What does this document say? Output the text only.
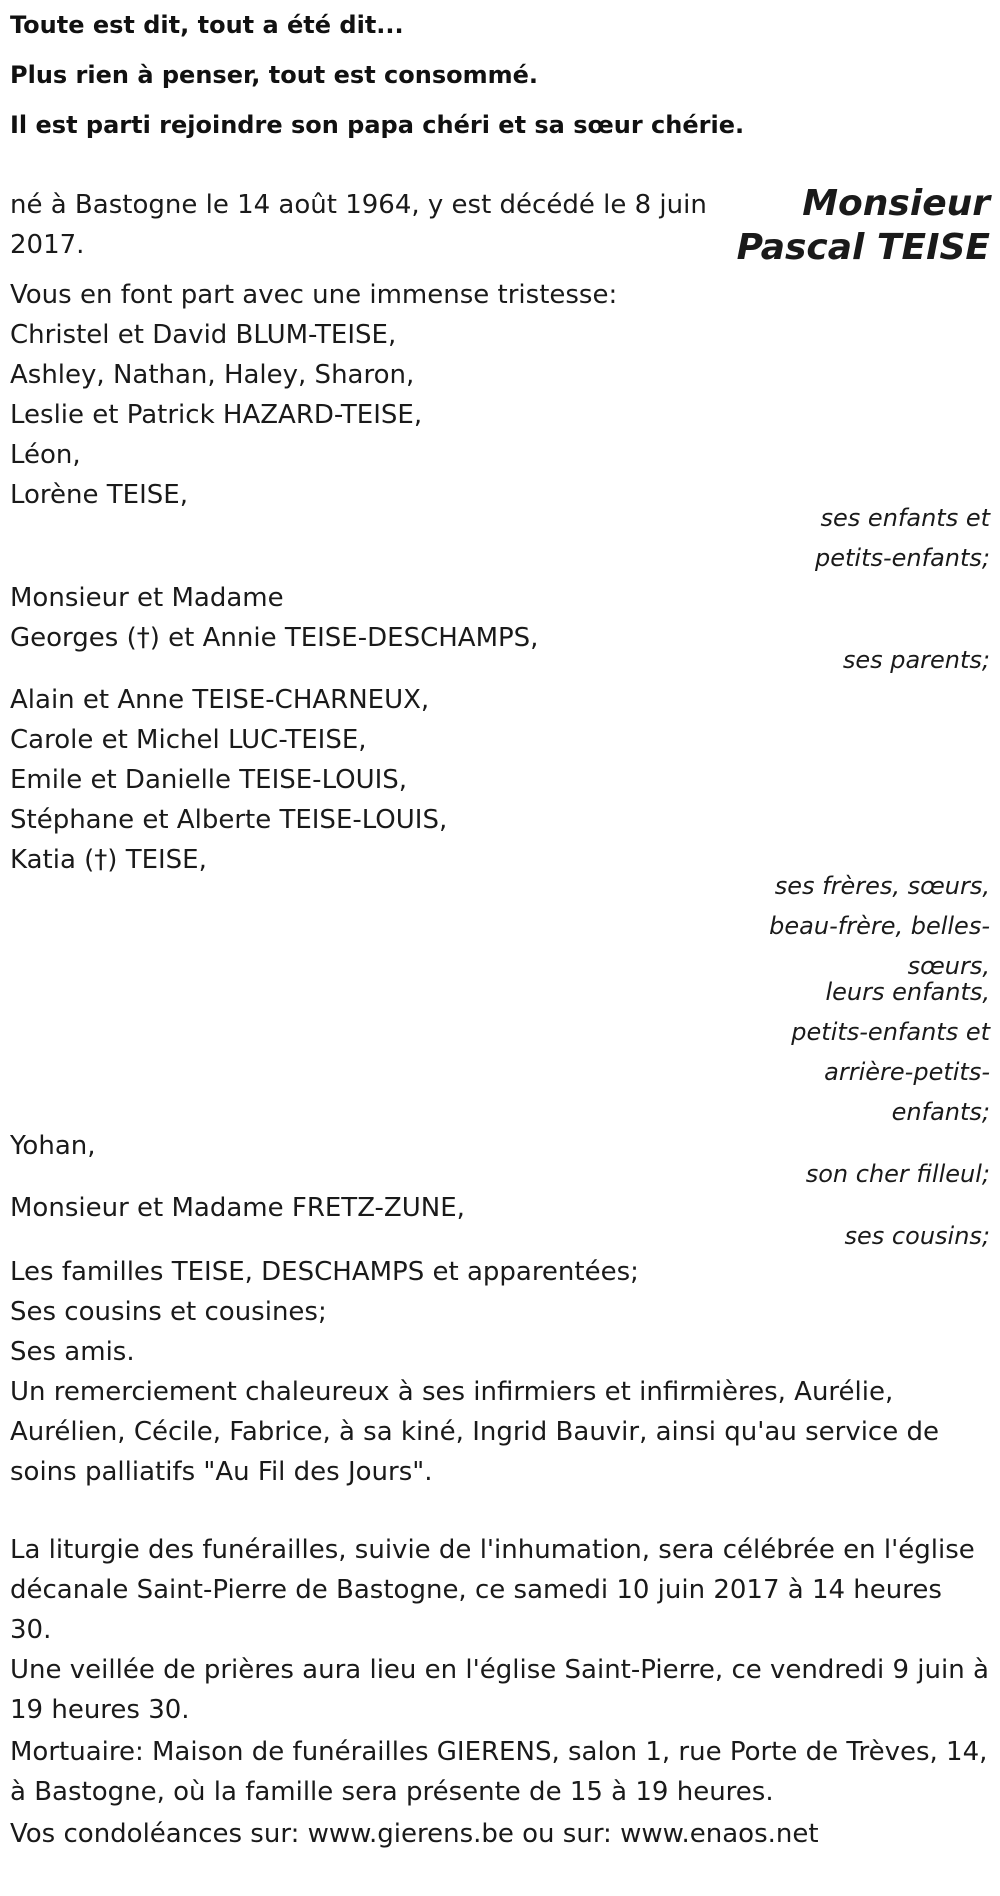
Toute est dit, tout a été dit...

Plus rien à penser, tout est consommé.

Il est parti rejoindre son papa chéri et sa sœur chérie.

Monsieur

Pascal TEISE

né à Bastogne le 14 août 1964, y est décédé le 8 juin

2017.

Vous en font part avec une immense tristesse:

Christel et David BLUM-TEISE,

Ashley, Nathan, Haley, Sharon,

Leslie et Patrick HAZARD-TEISE,

Léon,

Lorène TEISE,

ses enfants et

petits-enfants;

Monsieur et Madame

Georges (†) et Annie TEISE-DESCHAMPS,

ses parents;

Alain et Anne TEISE-CHARNEUX,

Carole et Michel LUC-TEISE,

Emile et Danielle TEISE-LOUIS,

Stéphane et Alberte TEISE-LOUIS,

Katia (†) TEISE,

ses frères, sœurs,

beau-frère, belles-

sœurs,

leurs enfants,

petits-enfants et

arrière-petits-

enfants;

Yohan,

son cher filleul;

Monsieur et Madame FRETZ-ZUNE,

ses cousins;

Les familles TEISE, DESCHAMPS et apparentées;

Ses cousins et cousines;

Ses amis.

Un remerciement chaleureux à ses infirmiers et infirmières, Aurélie, Aurélien, Cécile, Fabrice, à sa kiné, Ingrid Bauvir, ainsi qu'au service de soins palliatifs "Au Fil des Jours".

La liturgie des funérailles, suivie de l'inhumation, sera célébrée en l'église décanale Saint-Pierre de Bastogne, ce samedi 10 juin 2017 à 14 heures 30.

Une veillée de prières aura lieu en l'église Saint-Pierre, ce vendredi 9 juin à 19 heures 30.

Mortuaire: Maison de funérailles GIERENS, salon 1, rue Porte de Trèves, 14, à Bastogne, où la famille sera présente de 15 à 19 heures.

Vos condoléances sur: www.gierens.be ou sur: www.enaos.net
